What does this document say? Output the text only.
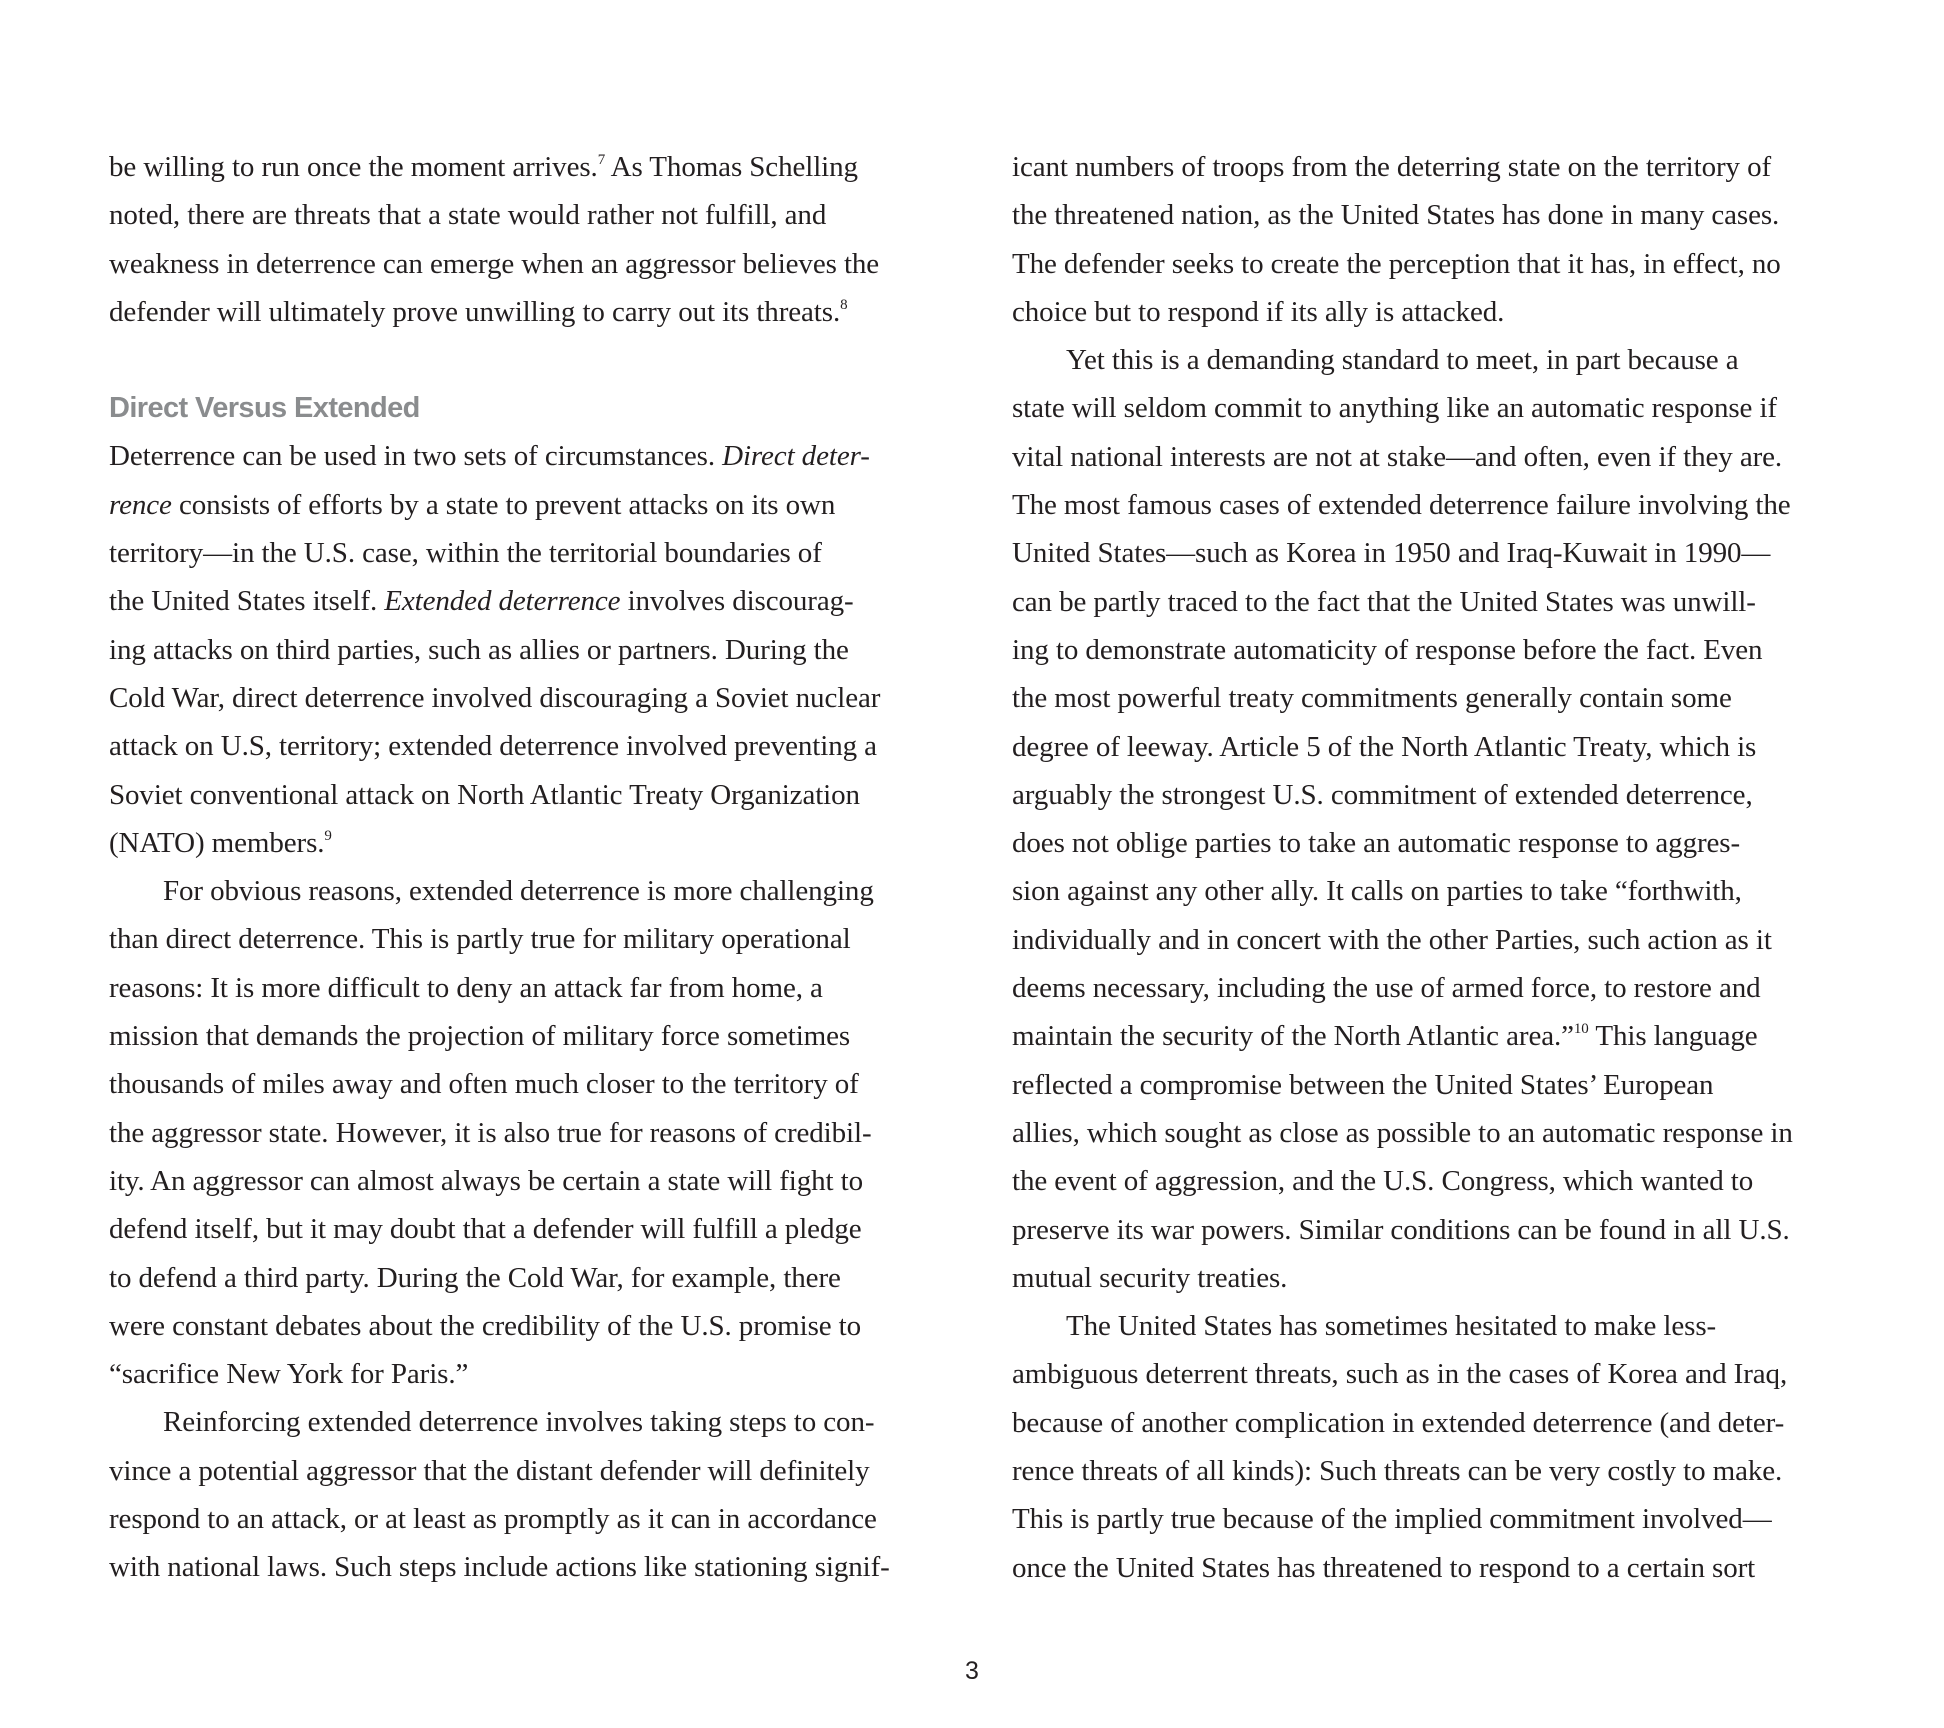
be willing to run once the moment arrives.$^7$ As Thomas Schelling
noted, there are threats that a state would rather not fulfill, and
weakness in deterrence can emerge when an aggressor believes the
defender will ultimately prove unwilling to carry out its threats.$^8$
Direct Versus Extended
Deterrence can be used in two sets of circumstances. Direct deter-
rence consists of efforts by a state to prevent attacks on its own
territory—in the U.S. case, within the territorial boundaries of
the United States itself. Extended deterrence involves discourag-
ing attacks on third parties, such as allies or partners. During the
Cold War, direct deterrence involved discouraging a Soviet nuclear
attack on U.S, territory; extended deterrence involved preventing a
Soviet conventional attack on North Atlantic Treaty Organization
(NATO) members.$^9$
For obvious reasons, extended deterrence is more challenging
than direct deterrence. This is partly true for military operational
reasons: It is more difficult to deny an attack far from home, a
mission that demands the projection of military force sometimes
thousands of miles away and often much closer to the territory of
the aggressor state. However, it is also true for reasons of credibil-
ity. An aggressor can almost always be certain a state will fight to
defend itself, but it may doubt that a defender will fulfill a pledge
to defend a third party. During the Cold War, for example, there
were constant debates about the credibility of the U.S. promise to
“sacrifice New York for Paris.”
Reinforcing extended deterrence involves taking steps to con-
vince a potential aggressor that the distant defender will definitely
respond to an attack, or at least as promptly as it can in accordance
with national laws. Such steps include actions like stationing signif-
icant numbers of troops from the deterring state on the territory of
the threatened nation, as the United States has done in many cases.
The defender seeks to create the perception that it has, in effect, no
choice but to respond if its ally is attacked.
Yet this is a demanding standard to meet, in part because a
state will seldom commit to anything like an automatic response if
vital national interests are not at stake—and often, even if they are.
The most famous cases of extended deterrence failure involving the
United States—such as Korea in 1950 and Iraq-Kuwait in 1990—
can be partly traced to the fact that the United States was unwill-
ing to demonstrate automaticity of response before the fact. Even
the most powerful treaty commitments generally contain some
degree of leeway. Article 5 of the North Atlantic Treaty, which is
arguably the strongest U.S. commitment of extended deterrence,
does not oblige parties to take an automatic response to aggres-
sion against any other ally. It calls on parties to take “forthwith,
individually and in concert with the other Parties, such action as it
deems necessary, including the use of armed force, to restore and
maintain the security of the North Atlantic area.”$^{10}$ This language
reflected a compromise between the United States’ European
allies, which sought as close as possible to an automatic response in
the event of aggression, and the U.S. Congress, which wanted to
preserve its war powers. Similar conditions can be found in all U.S.
mutual security treaties.
The United States has sometimes hesitated to make less-
ambiguous deterrent threats, such as in the cases of Korea and Iraq,
because of another complication in extended deterrence (and deter-
rence threats of all kinds): Such threats can be very costly to make.
This is partly true because of the implied commitment involved—
once the United States has threatened to respond to a certain sort
3
